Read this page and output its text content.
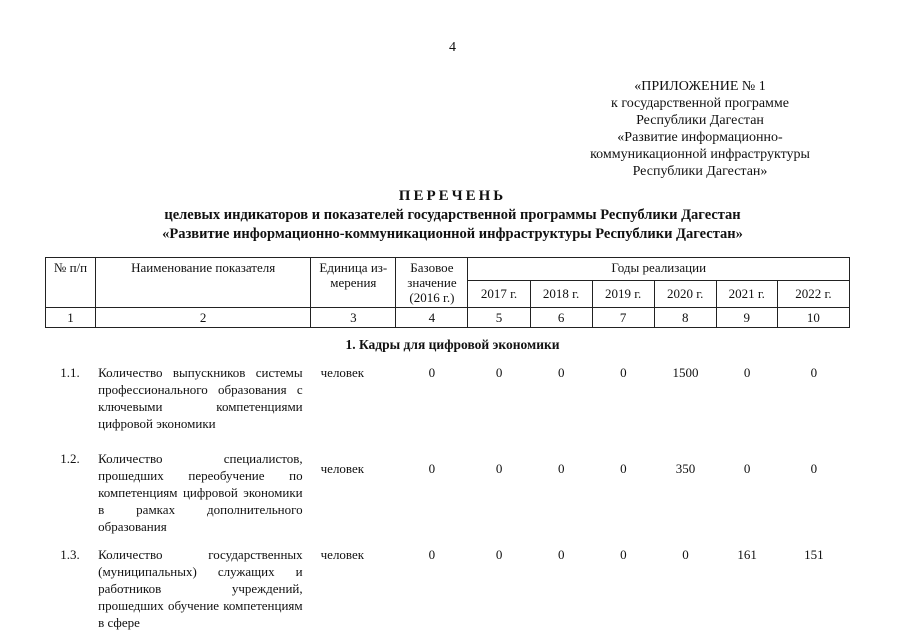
4
«ПРИЛОЖЕНИЕ № 1
к государственной программе
Республики Дагестан
«Развитие информационно-
коммуникационной инфраструктуры
Республики Дагестан»
ПЕРЕЧЕНЬ
целевых индикаторов и показателей государственной программы Республики Дагестан
«Развитие информационно-коммуникационной инфраструктуры Республики Дагестан»
№ п/п	Наименование показателя	Единица из-мерения	Базовое значение (2016 г.)	Годы реализации					
				2017 г.	2018 г.	2019 г.	2020 г.	2021 г.	2022 г.
1	2	3	4	5	6	7	8	9	10
1. Кадры для цифровой экономики
1.1.	Количество выпускников системы профессионального образования с ключевыми компетенциями цифровой экономики	человек	0	0	0	0	1500	0	0
1.2.	Количество специалистов, прошедших переобучение по компетенциям цифровой экономики в рамках дополнительного образования	человек	0	0	0	0	350	0	0
1.3.	Количество государственных (муниципальных) служащих и работников учреждений, прошедших обучение компетенциям в сфере	человек	0	0	0	0	0	161	151
